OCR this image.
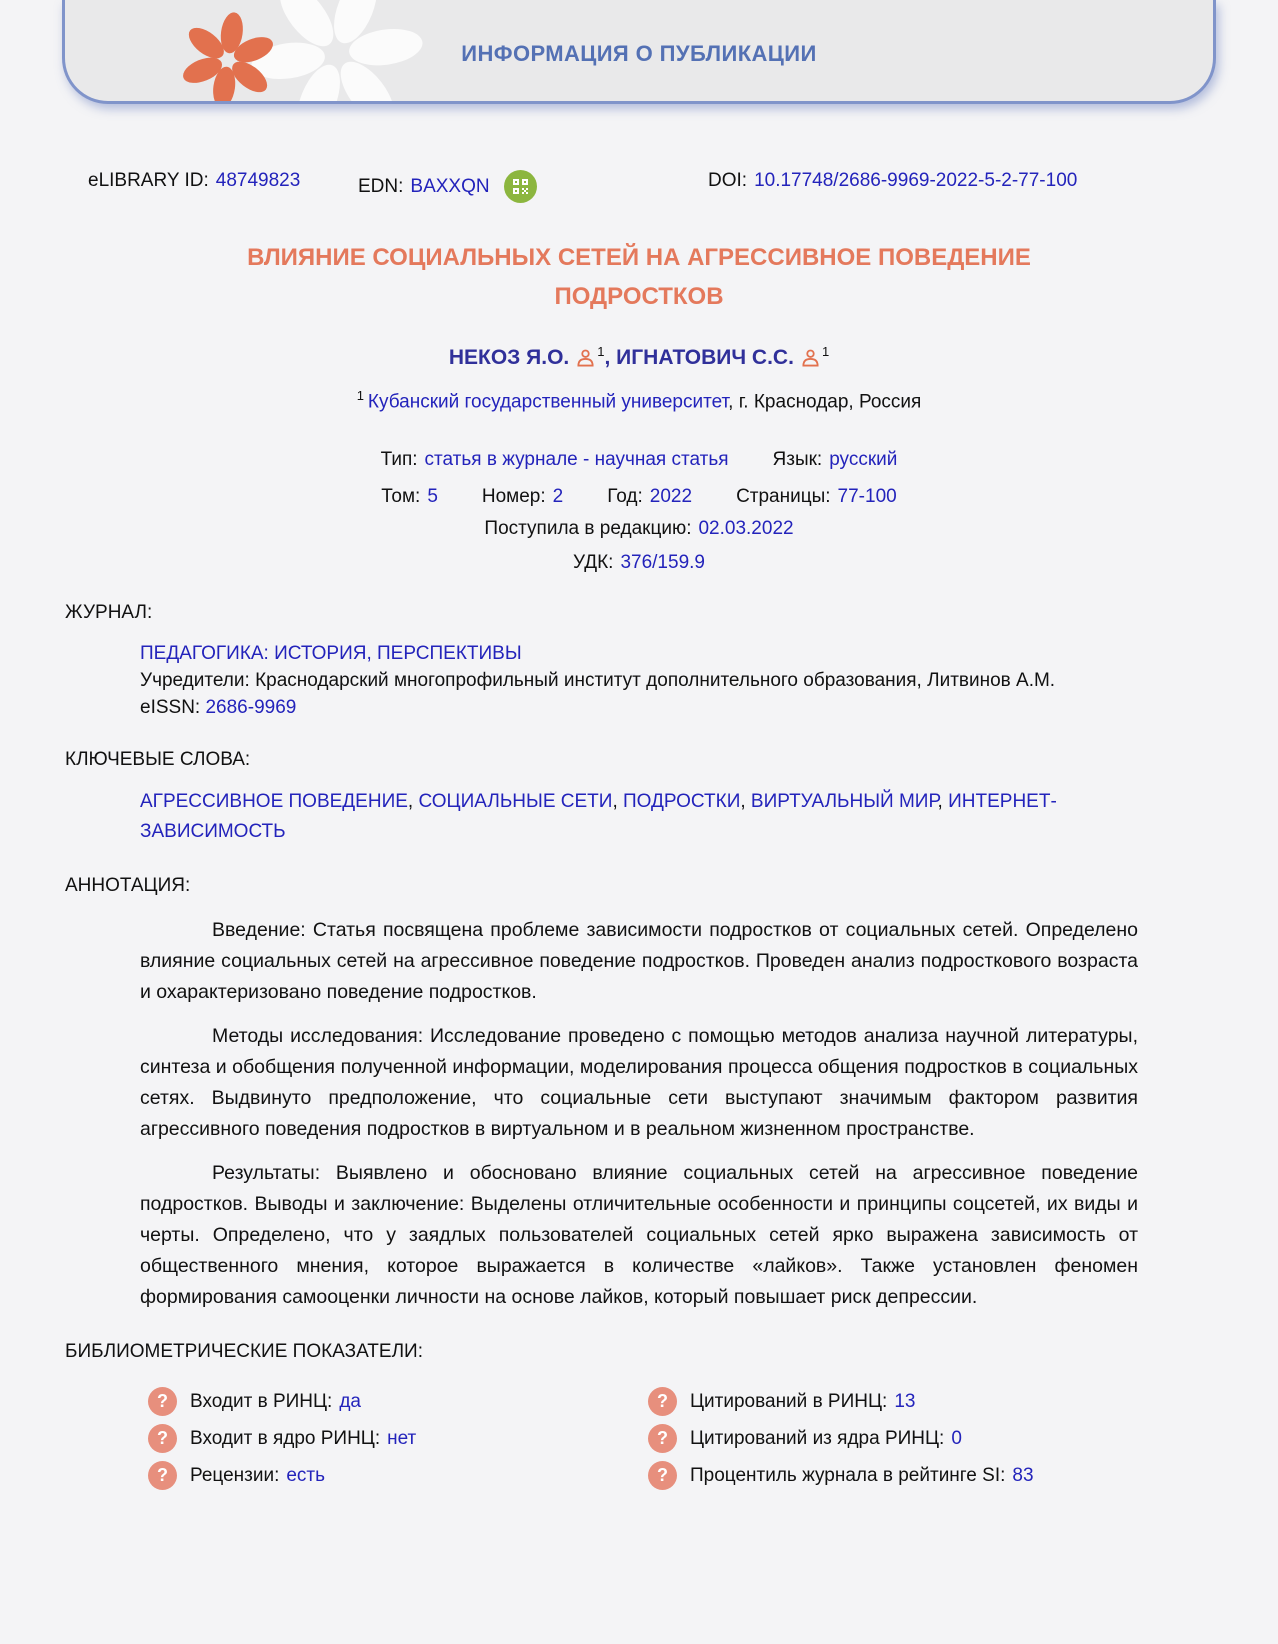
ИНФОРМАЦИЯ О ПУБЛИКАЦИИ
eLIBRARY ID: 48749823	EDN: BAXXQN	DOI: 10.17748/2686-9969-2022-5-2-77-100
ВЛИЯНИЕ СОЦИАЛЬНЫХ СЕТЕЙ НА АГРЕССИВНОЕ ПОВЕДЕНИЕ ПОДРОСТКОВ
НЕКОЗ Я.О. $^1$, ИГНАТОВИЧ С.С. $^1$
$^1$ Кубанский государственный университет, г. Краснодар, Россия
Тип: статья в журнале - научная статья Язык: русский
Том: 5 Номер: 2 Год: 2022 Страницы: 77-100
Поступила в редакцию: 02.03.2022
УДК: 376/159.9
ЖУРНАЛ:
ПЕДАГОГИКА: ИСТОРИЯ, ПЕРСПЕКТИВЫ
Учредители: Краснодарский многопрофильный институт дополнительного образования, Литвинов А.М.
eISSN: 2686-9969
КЛЮЧЕВЫЕ СЛОВА:
АГРЕССИВНОЕ ПОВЕДЕНИЕ, СОЦИАЛЬНЫЕ СЕТИ, ПОДРОСТКИ, ВИРТУАЛЬНЫЙ МИР, ИНТЕРНЕТ-ЗАВИСИМОСТЬ
АННОТАЦИЯ:

Введение: Статья посвящена проблеме зависимости подростков от социальных сетей. Определено влияние социальных сетей на агрессивное поведение подростков. Проведен анализ подросткового возраста и охарактеризовано поведение подростков.

Методы исследования: Исследование проведено с помощью методов анализа научной литературы, синтеза и обобщения полученной информации, моделирования процесса общения подростков в социальных сетях. Выдвинуто предположение, что социальные сети выступают значимым фактором развития агрессивного поведения подростков в виртуальном и в реальном жизненном пространстве.

Результаты: Выявлено и обосновано влияние социальных сетей на агрессивное поведение подростков. Выводы и заключение: Выделены отличительные особенности и принципы соцсетей, их виды и черты. Определено, что у заядлых пользователей социальных сетей ярко выражена зависимость от общественного мнения, которое выражается в количестве «лайков». Также установлен феномен формирования самооценки личности на основе лайков, который повышает риск депрессии.

БИБЛИОМЕТРИЧЕСКИЕ ПОКАЗАТЕЛИ:
?	Входит в РИНЦ: да
?	Входит в ядро РИНЦ: нет
?	Рецензии: есть
?	Цитирований в РИНЦ: 13
?	Цитирований из ядра РИНЦ: 0
?	Процентиль журнала в рейтинге SI: 83
